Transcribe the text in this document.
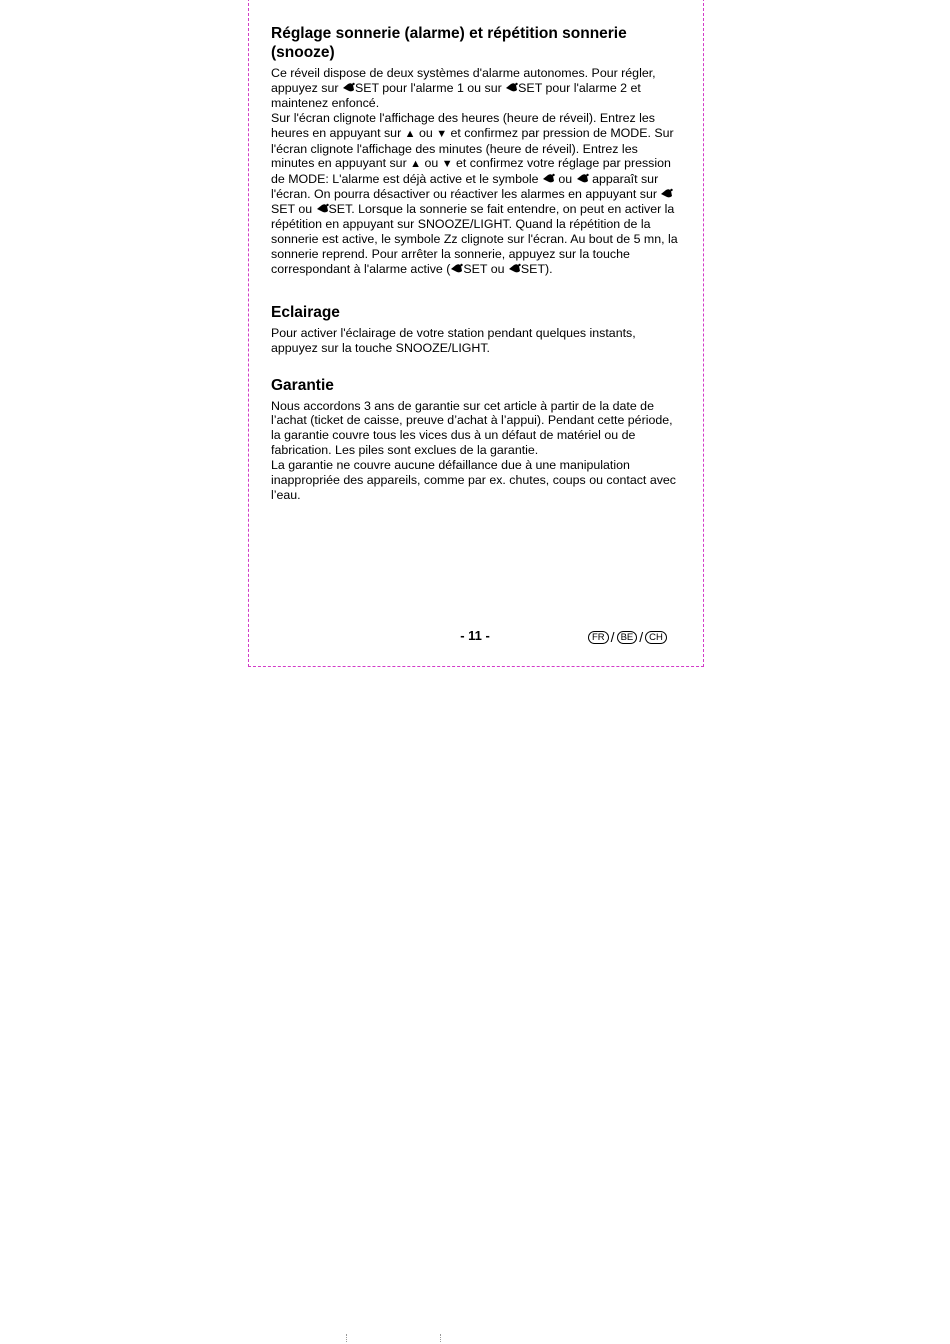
Réglage sonnerie (alarme) et répétition sonnerie (snooze)

Ce réveil dispose de deux systèmes d'alarme autonomes. Pour régler, appuyez sur
SET pour l'alarme 1 ou sur
SET pour l'alarme 2 et maintenez enfoncé.
Sur l'écran clignote l'affichage des heures (heure de réveil). Entrez les heures en appuyant sur ▲ ou ▼ et confirmez par pression de MODE. Sur l'écran clignote l'affichage des minutes (heure de réveil). Entrez les minutes en appuyant sur ▲ ou ▼ et confirmez votre réglage par pression de MODE: L'alarme est déjà active et le symbole
ou
apparaît sur l'écran. On pourra désactiver ou réactiver les alarmes en appuyant sur
SET ou
SET. Lorsque la sonnerie se fait entendre, on peut en activer la répétition en appuyant sur SNOOZE/LIGHT. Quand la répétition de la sonnerie est active, le symbole Zz clignote sur l'écran. Au bout de 5 mn, la sonnerie reprend. Pour arrêter la sonnerie, appuyez sur la touche correspondant à l'alarme active ( SET ou
SET).

Eclairage

Pour activer l'éclairage de votre station pendant quelques instants, appuyez sur la touche SNOOZE/LIGHT.

Garantie

Nous accordons 3 ans de garantie sur cet article à partir de la date de l’achat (ticket de caisse, preuve d’achat à l’appui). Pendant cette période, la garantie couvre tous les vices dus à un défaut de matériel ou de fabrication. Les piles sont exclues de la garantie.

La garantie ne couvre aucune défaillance due à une manipulation inappropriée des appareils, comme par ex. chutes, coups ou contact avec l’eau.

- 11 -	FR / BE / CH
